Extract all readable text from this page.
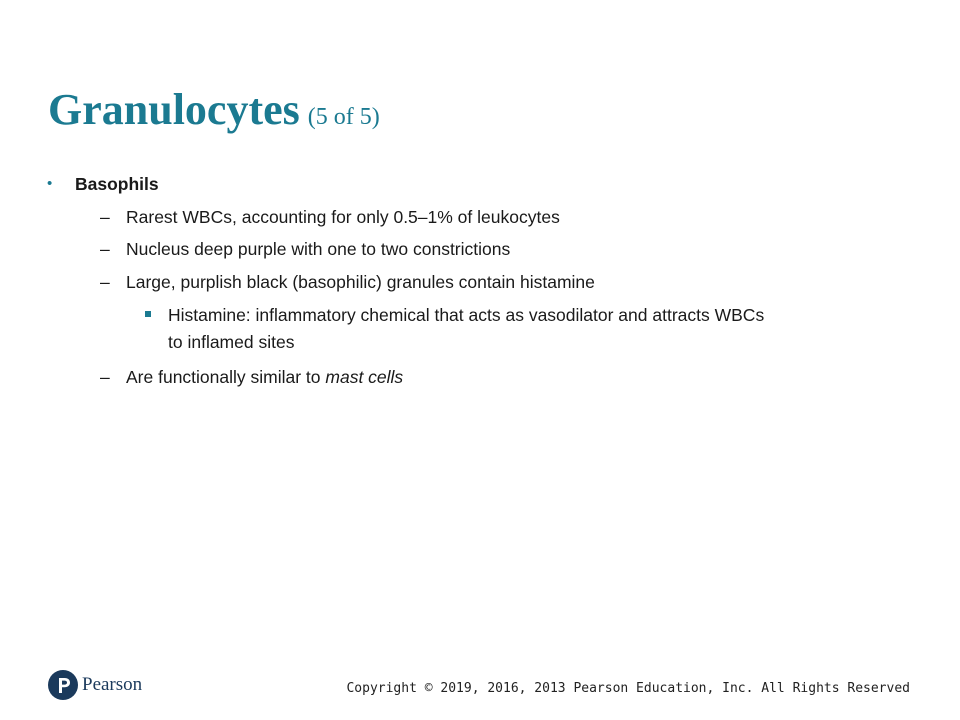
Granulocytes (5 of 5)
• Basophils
– Rarest WBCs, accounting for only 0.5–1% of leukocytes
– Nucleus deep purple with one to two constrictions
– Large, purplish black (basophilic) granules contain histamine
Histamine: inflammatory chemical that acts as vasodilator and attracts WBCs
to inflamed sites
– Are functionally similar to mast cells
Pearson	Copyright © 2019, 2016, 2013 Pearson Education, Inc. All Rights Reserved
